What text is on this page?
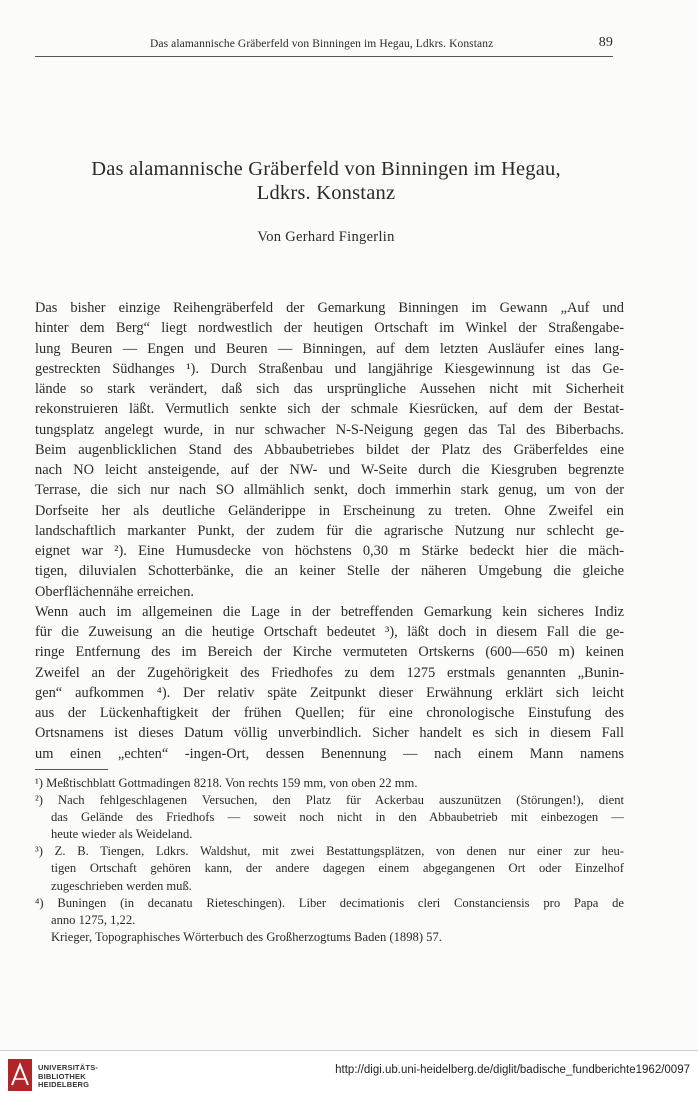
Das alamannische Gräberfeld von Binningen im Hegau, Ldkrs. Konstanz	89
Das alamannische Gräberfeld von Binningen im Hegau,
Ldkrs. Konstanz
Von Gerhard Fingerlin
Das bisher einzige Reihengräberfeld der Gemarkung Binningen im Gewann „Auf und
hinter dem Berg“ liegt nordwestlich der heutigen Ortschaft im Winkel der Straßengabe-
lung Beuren — Engen und Beuren — Binningen, auf dem letzten Ausläufer eines lang-
gestreckten Südhanges ¹). Durch Straßenbau und langjährige Kiesgewinnung ist das Ge-
lände so stark verändert, daß sich das ursprüngliche Aussehen nicht mit Sicherheit
rekonstruieren läßt. Vermutlich senkte sich der schmale Kiesrücken, auf dem der Bestat-
tungsplatz angelegt wurde, in nur schwacher N-S-Neigung gegen das Tal des Biberbachs.
Beim augenblicklichen Stand des Abbaubetriebes bildet der Platz des Gräberfeldes eine
nach NO leicht ansteigende, auf der NW- und W-Seite durch die Kiesgruben begrenzte
Terrase, die sich nur nach SO allmählich senkt, doch immerhin stark genug, um von der
Dorfseite her als deutliche Geländerippe in Erscheinung zu treten. Ohne Zweifel ein
landschaftlich markanter Punkt, der zudem für die agrarische Nutzung nur schlecht ge-
eignet war ²). Eine Humusdecke von höchstens 0,30 m Stärke bedeckt hier die mäch-
tigen, diluvialen Schotterbänke, die an keiner Stelle der näheren Umgebung die gleiche
Oberflächennähe erreichen.
Wenn auch im allgemeinen die Lage in der betreffenden Gemarkung kein sicheres Indiz
für die Zuweisung an die heutige Ortschaft bedeutet ³), läßt doch in diesem Fall die ge-
ringe Entfernung des im Bereich der Kirche vermuteten Ortskerns (600—650 m) keinen
Zweifel an der Zugehörigkeit des Friedhofes zu dem 1275 erstmals genannten „Bunin-
gen“ aufkommen ⁴). Der relativ späte Zeitpunkt dieser Erwähnung erklärt sich leicht
aus der Lückenhaftigkeit der frühen Quellen; für eine chronologische Einstufung des
Ortsnamens ist dieses Datum völlig unverbindlich. Sicher handelt es sich in diesem Fall
um einen „echten“ -ingen-Ort, dessen Benennung — nach einem Mann namens
¹) Meßtischblatt Gottmadingen 8218. Von rechts 159 mm, von oben 22 mm.
²) Nach fehlgeschlagenen Versuchen, den Platz für Ackerbau auszunützen (Störungen!), dient
das Gelände des Friedhofs — soweit noch nicht in den Abbaubetrieb mit einbezogen —
heute wieder als Weideland.
³) Z. B. Tiengen, Ldkrs. Waldshut, mit zwei Bestattungsplätzen, von denen nur einer zur heu-
tigen Ortschaft gehören kann, der andere dagegen einem abgegangenen Ort oder Einzelhof
zugeschrieben werden muß.
⁴) Buningen (in decanatu Rieteschingen). Liber decimationis cleri Constanciensis pro Papa de
anno 1275, 1,22.
Krieger, Topographisches Wörterbuch des Großherzogtums Baden (1898) 57.
UNIVERSITÄTS-
BIBLIOTHEK
HEIDELBERG
http://digi.ub.uni-heidelberg.de/diglit/badische_fundberichte1962/0097
